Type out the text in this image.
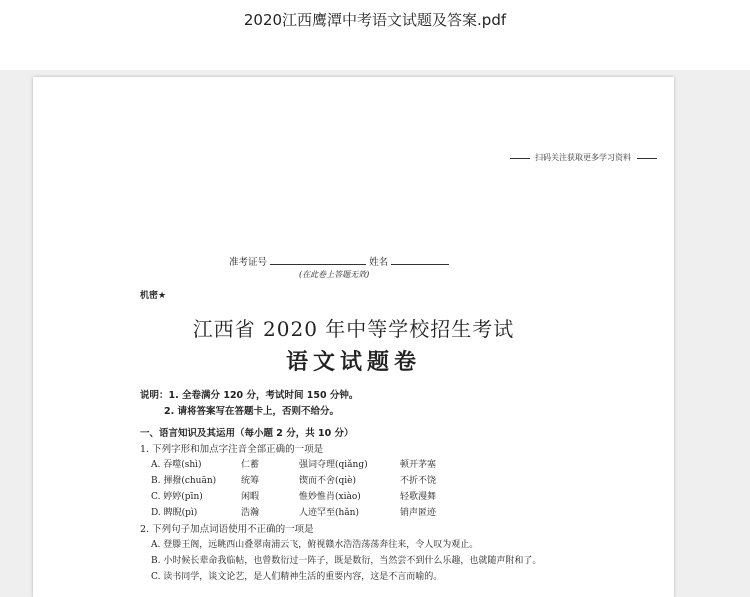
2020江西鹰潭中考语文试题及答案.pdf
扫码关注获取更多学习资料
准考证号	姓名
(在此卷上答题无效)
机密★
江西省 2020 年中等学校招生考试
语文试题卷
说明：1. 全卷满分 120 分，考试时间 150 分钟。
2. 请将答案写在答题卡上，否则不给分。
一、语言知识及其运用（每小题 2 分，共 10 分）
1. 下列字形和加点字注音全部正确的一项是
A. 吞噬(shì)	仁蓄	强词夺理(qiǎng)	顿开茅塞
B. 揮撥(chuān)	统筹	锲而不舍(qiè)	不折不饶
C. 婷婷(pīn)	闲暇	惟妙惟肖(xiào)	轻歌漫舞
D. 睥睨(pì)	浩瀚	人迹罕至(hǎn)	销声匿迹
2. 下列句子加点词语使用不正确的一项是
A. 登滕王阁，远眺西山叠翠南浦云飞，俯视赣水浩浩荡荡奔往来，令人叹为观止。
B. 小时候长辈命我临帖，也曾数衍过一阵子，既是数衍，当然尝不到什么乐趣，也就随声附和了。
C. 读书同学，谈文论艺，是人们精神生活的重要内容，这是不言而喻的。
